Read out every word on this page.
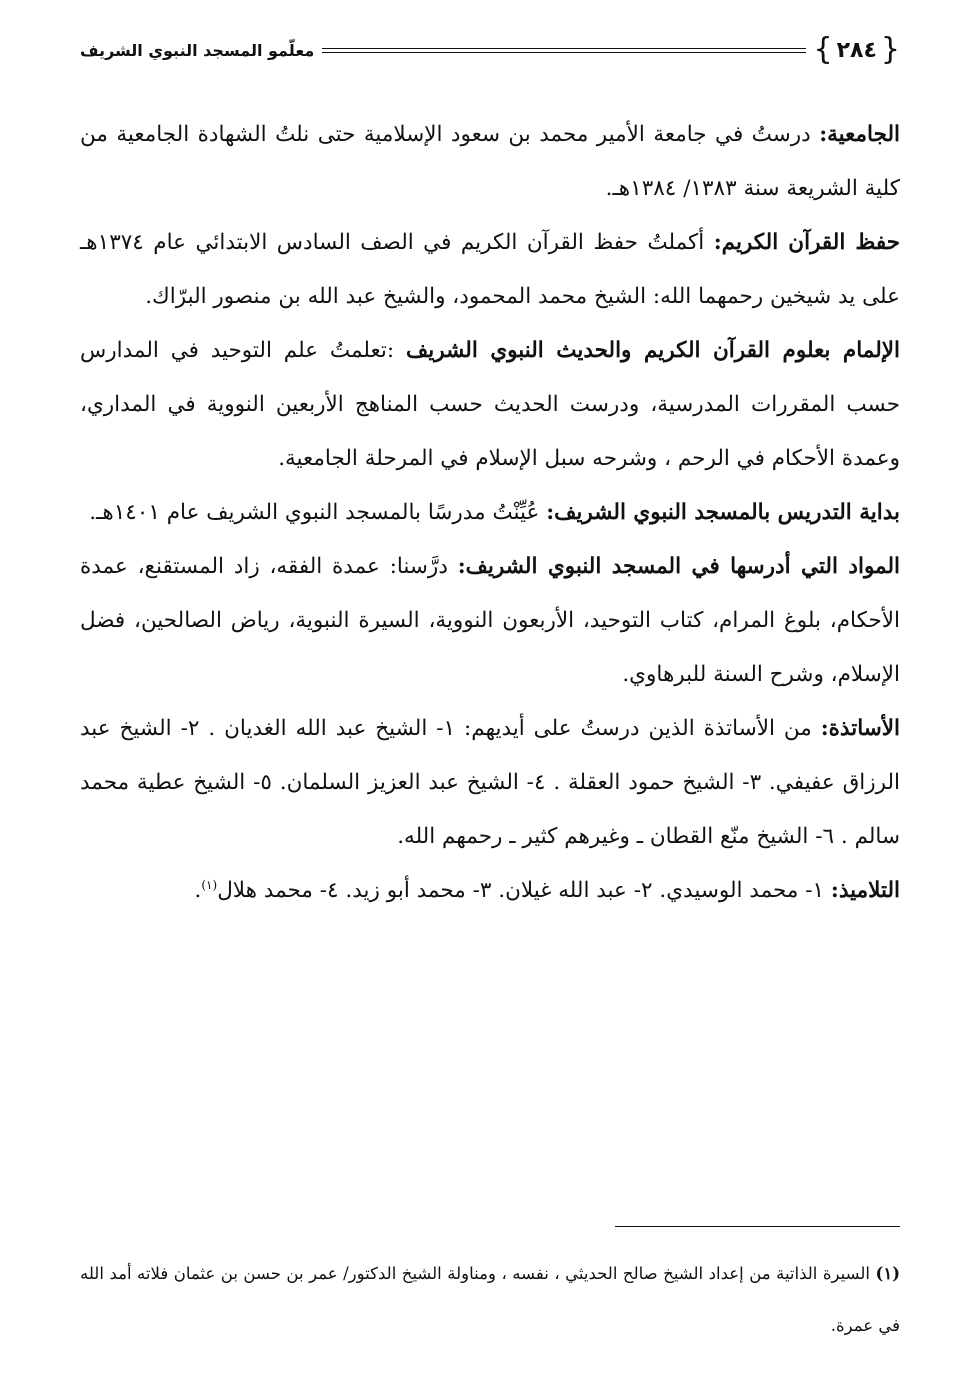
{
٢٨٤
}
معلّمو المسجد النبوي الشريف

الجامعية: درستُ في جامعة الأمير محمد بن سعود الإسلامية حتى نلتُ الشهادة الجامعية من كلية الشريعة سنة ١٣٨٣/ ١٣٨٤هـ.

حفظ القرآن الكريم: أكملتُ حفظ القرآن الكريم في الصف السادس الابتدائي عام ١٣٧٤هـ على يد شيخين رحمهما الله: الشيخ محمد المحمود، والشيخ عبد الله بن منصور البرّاك.

الإلمام بعلوم القرآن الكريم والحديث النبوي الشريف :تعلمتُ علم التوحيد في المدارس حسب المقررات المدرسية، ودرست الحديث حسب المناهج الأربعين النووية في المداري، وعمدة الأحكام في الرحم ، وشرحه سبل الإسلام في المرحلة الجامعية.

بداية التدريس بالمسجد النبوي الشريف: عُيِّنْتُ مدرسًا بالمسجد النبوي الشريف عام ١٤٠١هـ.

المواد التي أدرسها في المسجد النبوي الشريف: درَّسنا: عمدة الفقه، زاد المستقنع، عمدة الأحكام، بلوغ المرام، كتاب التوحيد، الأربعون النووية، السيرة النبوية، رياض الصالحين، فضل الإسلام، وشرح السنة للبرهاوي.

الأساتذة: من الأساتذة الذين درستُ على أيديهم: ١- الشيخ عبد الله الغديان . ٢- الشيخ عبد الرزاق عفيفي. ٣- الشيخ حمود العقلة . ٤- الشيخ عبد العزيز السلمان. ٥- الشيخ عطية محمد سالم . ٦- الشيخ منّع القطان ـ وغيرهم كثير ـ رحمهم الله.

التلاميذ: ١- محمد الوسيدي. ٢- عبد الله غيلان. ٣- محمد أبو زيد. ٤- محمد هلال$^{(١)}$.

(١) السيرة الذاتية من إعداد الشيخ صالح الحديثي ، نفسه ، ومناولة الشيخ الدكتور/ عمر بن حسن بن عثمان فلاته أمد الله في عمرة.
